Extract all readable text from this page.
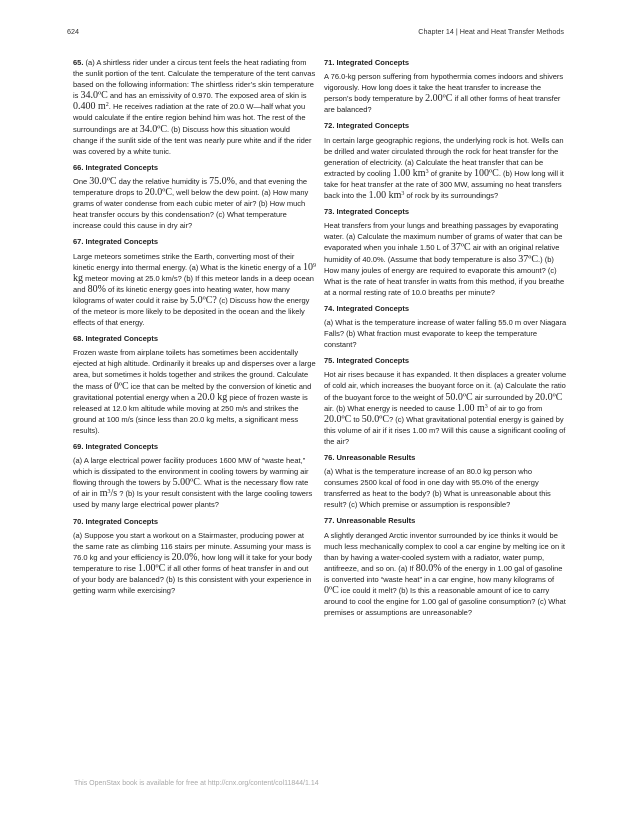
624	Chapter 14 | Heat and Heat Transfer Methods

65. (a) A shirtless rider under a circus tent feels the heat radiating from the sunlit portion of the tent. Calculate the temperature of the tent canvas based on the following information: The shirtless rider’s skin temperature is 34.0ºC and has an emissivity of 0.970. The exposed area of skin is 0.400 $m^2$. He receives radiation at the rate of 20.0 W—half what you would calculate if the entire region behind him was hot. The rest of the surroundings are at 34.0ºC. (b) Discuss how this situation would change if the sunlit side of the tent was nearly pure white and if the rider was covered by a white tunic.

66. Integrated Concepts

One 30.0ºC day the relative humidity is 75.0%, and that evening the temperature drops to 20.0ºC, well below the dew point. (a) How many grams of water condense from each cubic meter of air? (b) How much heat transfer occurs by this condensation? (c) What temperature increase could this cause in dry air?

67. Integrated Concepts

Large meteors sometimes strike the Earth, converting most of their kinetic energy into thermal energy. (a) What is the kinetic energy of a $10^9$ kg meteor moving at 25.0 km/s? (b) If this meteor lands in a deep ocean and 80% of its kinetic energy goes into heating water, how many kilograms of water could it raise by 5.0ºC? (c) Discuss how the energy of the meteor is more likely to be deposited in the ocean and the likely effects of that energy.

68. Integrated Concepts

Frozen waste from airplane toilets has sometimes been accidentally ejected at high altitude. Ordinarily it breaks up and disperses over a large area, but sometimes it holds together and strikes the ground. Calculate the mass of 0ºC ice that can be melted by the conversion of kinetic and gravitational potential energy when a 20.0 kg piece of frozen waste is released at 12.0 km altitude while moving at 250 m/s and strikes the ground at 100 m/s (since less than 20.0 kg melts, a significant mess results).

69. Integrated Concepts

(a) A large electrical power facility produces 1600 MW of “waste heat,” which is dissipated to the environment in cooling towers by warming air flowing through the towers by 5.00ºC. What is the necessary flow rate of air in $m^3/s$ ? (b) Is your result consistent with the large cooling towers used by many large electrical power plants?

70. Integrated Concepts

(a) Suppose you start a workout on a Stairmaster, producing power at the same rate as climbing 116 stairs per minute. Assuming your mass is 76.0 kg and your efficiency is 20.0%, how long will it take for your body temperature to rise 1.00ºC if all other forms of heat transfer in and out of your body are balanced? (b) Is this consistent with your experience in getting warm while exercising?

71. Integrated Concepts

A 76.0-kg person suffering from hypothermia comes indoors and shivers vigorously. How long does it take the heat transfer to increase the person’s body temperature by 2.00ºC if all other forms of heat transfer are balanced?

72. Integrated Concepts

In certain large geographic regions, the underlying rock is hot. Wells can be drilled and water circulated through the rock for heat transfer for the generation of electricity. (a) Calculate the heat transfer that can be extracted by cooling 1.00 $km^3$ of granite by 100ºC. (b) How long will it take for heat transfer at the rate of 300 MW, assuming no heat transfers back into the 1.00 $km^3$ of rock by its surroundings?

73. Integrated Concepts

Heat transfers from your lungs and breathing passages by evaporating water. (a) Calculate the maximum number of grams of water that can be evaporated when you inhale 1.50 L of 37ºC air with an original relative humidity of 40.0%. (Assume that body temperature is also 37ºC.) (b) How many joules of energy are required to evaporate this amount? (c) What is the rate of heat transfer in watts from this method, if you breathe at a normal resting rate of 10.0 breaths per minute?

74. Integrated Concepts

(a) What is the temperature increase of water falling 55.0 m over Niagara Falls? (b) What fraction must evaporate to keep the temperature constant?

75. Integrated Concepts

Hot air rises because it has expanded. It then displaces a greater volume of cold air, which increases the buoyant force on it. (a) Calculate the ratio of the buoyant force to the weight of 50.0ºC air surrounded by 20.0ºC air. (b) What energy is needed to cause 1.00 $m^3$ of air to go from 20.0ºC to 50.0ºC? (c) What gravitational potential energy is gained by this volume of air if it rises 1.00 m? Will this cause a significant cooling of the air?

76. Unreasonable Results

(a) What is the temperature increase of an 80.0 kg person who consumes 2500 kcal of food in one day with 95.0% of the energy transferred as heat to the body? (b) What is unreasonable about this result? (c) Which premise or assumption is responsible?

77. Unreasonable Results

A slightly deranged Arctic inventor surrounded by ice thinks it would be much less mechanically complex to cool a car engine by melting ice on it than by having a water-cooled system with a radiator, water pump, antifreeze, and so on. (a) If 80.0% of the energy in 1.00 gal of gasoline is converted into “waste heat” in a car engine, how many kilograms of 0ºC ice could it melt? (b) Is this a reasonable amount of ice to carry around to cool the engine for 1.00 gal of gasoline consumption? (c) What premises or assumptions are unreasonable?

This OpenStax book is available for free at http://cnx.org/content/col11844/1.14
